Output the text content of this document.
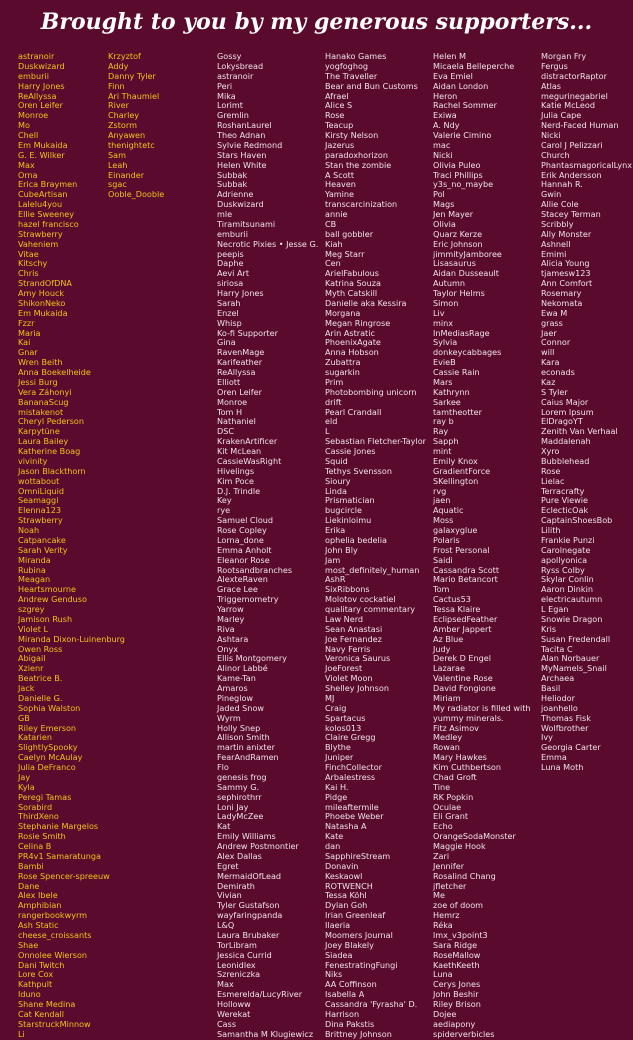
Brought to you by my generous supporters...
astranoir
Duskwizard
emburii
Harry Jones
ReAllyssa
Oren Leifer
Monroe
Mo
Chell
Em Mukaida
G. E. Wilker
Max
Orna
Erica Braymen
CubeArtisan
Lalelu4you
Ellie Sweeney
hazel francisco
Strawberry
Vaheniem
Vitae
Kitschy
Chris
StrandOfDNA
Amy Houck
ShikonNeko
Em Mukaida
Fzzr
Maria
Kai
Gnar
Wren Beith
Anna Boekelheide
Jessi Burg
Vera Záhonyi
BananaScug
mistakenot
Cheryl Pederson
Karpytüne
Laura Bailey
Katherine Boag
vivinity
Jason Blackthorn
wottabout
OmniLiquid
Seamaggi
Elenna123
Strawberry
Noah
Catpancake
Sarah Verity
Miranda
Rubina
Meagan
Heartsmourne
Andrew Genduso
szgrey
Jamison Rush
Violet L
Miranda Dixon-Luinenburg
Owen Ross
Abigail
Xzienr
Beatrice B.
Jack
Danielle G.
Sophia Walston
GB
Riley Emerson
Katarien
SlightlySpooky
Caelyn McAulay
Julia DeFranco
Jay
Kyla
Peregi Tamas
Sorabird
ThirdXeno
Stephanie Margelos
Rosie Smith
Celina B
PR4v1 Samaratunga
Bambi
Rose Spencer-spreeuw
Dane
Alex Ibele
Amphibian
rangerbookwyrm
Ash Static
cheese_croissants
Shae
Onnolee Wierson
Dani Twitch
Lore Cox
Kathpult
Iduno
Shane Medina
Cat Kendall
StarstruckMinnow
Li
Krzyztof
Addy
Danny Tyler
Finn
Ari Thaumiel
River
Charley
Zstorm
Anyawen
thenightetc
Sam
Leah
Einander
sgac
Ooble_Dooble
Gossy
Lokysbread
astranoir
Peri
Mika
Lorimt
Gremlin
RoshanLaurel
Theo Adnan
Sylvie Redmond
Stars Haven
Helen White
Subbak
Subbak
Adrienne
Duskwizard
mle
Tiramitsunami
emburii
Necrotic Pixies • Jesse G.
peepis
Daphe
Aevi Art
siriosa
Harry Jones
Sarah
Enzel
Whisp
Ko-fi Supporter
Gina
RavenMage
Karifeather
ReAllyssa
Elliott
Oren Leifer
Monroe
Tom H
Nathaniel
DSC
KrakenArtificer
Kit McLean
CassieWasRight
Hivelings
Kim Poce
D.J. Trindle
Key
rye
Samuel Cloud
Rose Copley
Lorna_done
Emma Anholt
Eleanor Rose
Rootsandbranches
AlexteRaven
Grace Lee
Triggemometry
Yarrow
Marley
Riva
Ashtara
Onyx
Ellis Montgomery
Alinor Labbé
Kame-Tan
Amaros
Pineglow
Jaded Snow
Wyrm
Holly Snep
Allison Smith
martin anixter
FearAndRamen
Flo
genesis frog
Sammy G.
sephirothrr
Loni Jay
LadyMcZee
Kat
Emily Williams
Andrew Postmontier
Alex Dallas
Egret
MermaidOfLead
Demirath
Vivian
Tyler Gustafson
wayfaringpanda
L&Q
Laura Brubaker
TorLibram
Jessica Currid
Leonidlex
Szreniczka
Max
Esmerelda/LucyRiver
Holloww
Werekat
Cass
Samantha M Klugiewicz
Hanako Games
yogfoghog
The Traveller
Bear and Bun Customs
Afrael
Alice S
Rose
Teacup
Kirsty Nelson
Jazerus
paradoxhorizon
Stan the zombie
A Scott
Heaven
Yamine
transcarcinization
annie
CB
ball gobbler
Kiah
Meg Starr
Cen
ArielFabulous
Katrina Souza
Myth Catskill
Danielle aka Kessira
Morgana
Megan Ringrose
Arin Astratic
PhoenixAgate
Anna Hobson
Zubattra
sugarkin
Prim
Photobombing unicorn
drift
Pearl Crandall
eld
L
Sebastian Fletcher-Taylor
Cassie Jones
Squid
Tethys Svensson
Sioury
Linda
Prismatician
bugcircle
Liekinloimu
Erika
ophelia bedelia
John Bly
Jam
most_definitely_human
AshR
SixRibbons
Molotov cockatiel
qualitary commentary
Law Nerd
Sean Anastasi
Joe Fernandez
Navy Ferris
Veronica Saurus
JoeForest
Violet Moon
Shelley Johnson
MJ
Craig
Spartacus
kolos013
Claire Gregg
Blythe
Juniper
FinchCollector
Arbalestress
Kai H.
Pidge
mileaftermile
Phoebe Weber
Natasha A
Kate
dan
SapphireStream
Donavin
Keskaowl
ROTWENCH
Tessa Köhl
Dylan Goh
Irian Greenleaf
Ilaeria
Moomers Journal
Joey Blakely
Siadea
FenestratingFungi
Niks
AA Coffinson
Isabella A
Cassandra 'Fyrasha' D.
Harrison
Dina Pakstis
Brittney Johnson
Helen M
Micaela Belleperche
Eva Emiel
Aidan London
Heron
Rachel Sommer
Exiwa
A. Ndy
Valerie Cimino
mac
Nicki
Olivia Puleo
Traci Phillips
y3s_no_maybe
Pol
Mags
Jen Mayer
Olivia
Quarz Kerze
Eric Johnson
jimmityJamboree
Lisasaurus
Aidan Dusseault
Autumn
Taylor Helms
Simon
Liv
minx
InMediasRage
Sylvia
donkeycabbages
EvieB
Cassie Rain
Mars
Kathrynn
Sarkee
tamtheotter
ray b
Ray
Sapph
mint
Emily Knox
GradientForce
SKellington
rvg
jaen
Aquatic
Moss
galaxyglue
Polaris
Frost Personal
Saidi
Cassandra Scott
Mario Betancort
Tom
Cactus53
Tessa Klaire
EclipsedFeather
Amber Jappert
Az Blue
Judy
Derek D Engel
Lazarae
Valentine Rose
David Fongione
Miriam
My radiator is filled with
yummy minerals.
Fitz Asimov
Medley
Rowan
Mary Hawkes
Kim Cuthbertson
Chad Groft
Tine
RK Popkin
Oculae
Eli Grant
Echo
OrangeSodaMonster
Maggie Hook
Zari
Jennifer
Rosalind Chang
jfletcher
Me
zoe of doom
Hemrz
Réka
lmx_v3point3
Sara Ridge
RoseMallow
KaethKeeth
Luna
Cerys Jones
John Beshir
Riley Brison
Dojee
aediapony
spiderverbicles
Morgan Fry
Fergus
distractorRaptor
Atlas
megurinegabriel
Katie McLeod
Julia Cape
Nerd-Faced Human
Nicki
Carol J Pelizzari
Church
PhantasmagoricalLynx
Erik Andersson
Hannah R.
Gwin
Allie Cole
Stacey Terman
Scribbly
Ally Monster
Ashnell
Emimi
Alicia Young
tjamesw123
Ann Comfort
Rosemary
Nekomata
Ewa M
grass
Jaer
Connor
will
Kara
econads
Kaz
S Tyler
Caius Major
Lorem Ipsum
ElDragoYT
Zenith Van Verhaal
Maddalenah
Xyro
Bubblehead
Rose
Lielac
Terracrafty
Pure Viewie
EclecticOak
CaptainShoesBob
Lilith
Frankie Punzi
Carolnegate
apollyonica
Ryss Colby
Skylar Conlin
Aaron Dinkin
electricautumn
L Egan
Snowie Dragon
Kris
Susan Fredendall
Tacita C
Alan Norbauer
MyNamels_Snail
Archaea
Basil
Heliodor
joanhello
Thomas Fisk
Wolfbrother
Ivy
Georgia Carter
Emma
Luna Moth
